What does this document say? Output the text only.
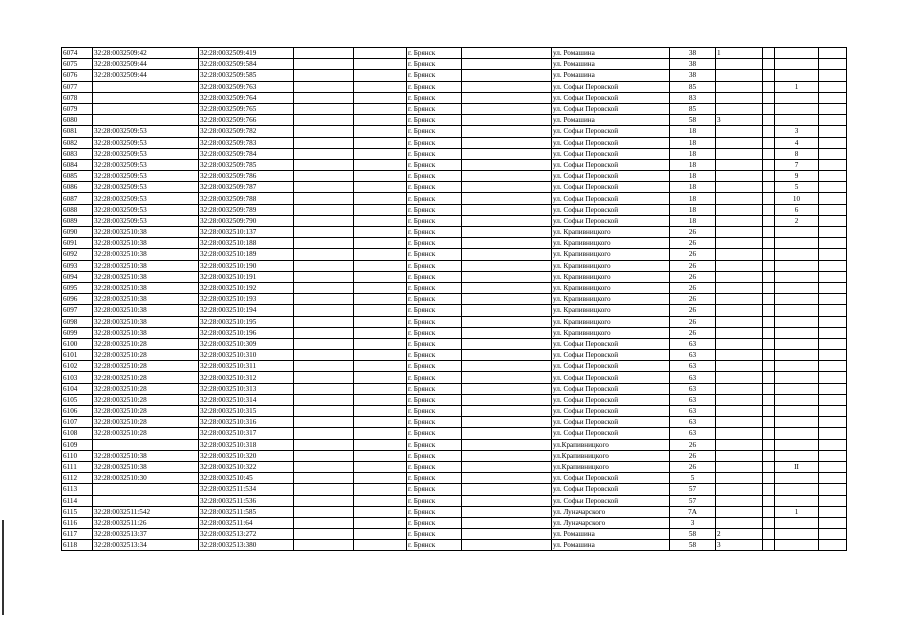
6074	32:28:0032509:42	32:28:0032509:419			г. Брянск		ул. Ромашина	38	1			
6075	32:28:0032509:44	32:28:0032509:584			г. Брянск		ул. Ромашина	38				
6076	32:28:0032509:44	32:28:0032509:585			г. Брянск		ул. Ромашина	38				
6077		32:28:0032509:763			г. Брянск		ул. Софьи Перовской	85			1	
6078		32:28:0032509:764			г. Брянск		ул. Софьи Перовской	83				
6079		32:28:0032509:765			г. Брянск		ул. Софьи Перовской	85				
6080		32:28:0032509:766			г. Брянск		ул. Ромашина	58	3			
6081	32:28:0032509:53	32:28:0032509:782			г. Брянск		ул. Софьи Перовской	18			3	
6082	32:28:0032509:53	32:28:0032509:783			г. Брянск		ул. Софьи Перовской	18			4	
6083	32:28:0032509:53	32:28:0032509:784			г. Брянск		ул. Софьи Перовской	18			8	
6084	32:28:0032509:53	32:28:0032509:785			г. Брянск		ул. Софьи Перовской	18			7	
6085	32:28:0032509:53	32:28:0032509:786			г. Брянск		ул. Софьи Перовской	18			9	
6086	32:28:0032509:53	32:28:0032509:787			г. Брянск		ул. Софьи Перовской	18			5	
6087	32:28:0032509:53	32:28:0032509:788			г. Брянск		ул. Софьи Перовской	18			10	
6088	32:28:0032509:53	32:28:0032509:789			г. Брянск		ул. Софьи Перовской	18			6	
6089	32:28:0032509:53	32:28:0032509:790			г. Брянск		ул. Софьи Перовской	18			2	
6090	32:28:0032510:38	32:28:0032510:137			г. Брянск		ул. Крапивницкого	26				
6091	32:28:0032510:38	32:28:0032510:188			г. Брянск		ул. Крапивницкого	26				
6092	32:28:0032510:38	32:28:0032510:189			г. Брянск		ул. Крапивницкого	26				
6093	32:28:0032510:38	32:28:0032510:190			г. Брянск		ул. Крапивницкого	26				
6094	32:28:0032510:38	32:28:0032510:191			г. Брянск		ул. Крапивницкого	26				
6095	32:28:0032510:38	32:28:0032510:192			г. Брянск		ул. Крапивницкого	26				
6096	32:28:0032510:38	32:28:0032510:193			г. Брянск		ул. Крапивницкого	26				
6097	32:28:0032510:38	32:28:0032510:194			г. Брянск		ул. Крапивницкого	26				
6098	32:28:0032510:38	32:28:0032510:195			г. Брянск		ул. Крапивницкого	26				
6099	32:28:0032510:38	32:28:0032510:196			г. Брянск		ул. Крапивницкого	26				
6100	32:28:0032510:28	32:28:0032510:309			г. Брянск		ул. Софьи Перовской	63				
6101	32:28:0032510:28	32:28:0032510:310			г. Брянск		ул. Софьи Перовской	63				
6102	32:28:0032510:28	32:28:0032510:311			г. Брянск		ул. Софьи Перовской	63				
6103	32:28:0032510:28	32:28:0032510:312			г. Брянск		ул. Софьи Перовской	63				
6104	32:28:0032510:28	32:28:0032510:313			г. Брянск		ул. Софьи Перовской	63				
6105	32:28:0032510:28	32:28:0032510:314			г. Брянск		ул. Софьи Перовской	63				
6106	32:28:0032510:28	32:28:0032510:315			г. Брянск		ул. Софьи Перовской	63				
6107	32:28:0032510:28	32:28:0032510:316			г. Брянск		ул. Софьи Перовской	63				
6108	32:28:0032510:28	32:28:0032510:317			г. Брянск		ул. Софьи Перовской	63				
6109		32:28:0032510:318			г. Брянск		ул.Крапивницкого	26				
6110	32:28:0032510:38	32:28:0032510:320			г. Брянск		ул.Крапивницкого	26				
6111	32:28:0032510:38	32:28:0032510:322			г. Брянск		ул.Крапивницкого	26			II	
6112	32:28:0032510:30	32:28:0032510:45			г. Брянск		ул. Софьи Перовской	5				
6113		32:28:0032511:534			г. Брянск		ул. Софьи Перовской	57				
6114		32:28:0032511:536			г. Брянск		ул. Софьи Перовской	57				
6115	32:28:0032511:542	32:28:0032511:585			г. Брянск		ул. Луначарского	7А			1	
6116	32:28:0032511:26	32:28:0032511:64			г. Брянск		ул. Луначарского	3				
6117	32:28:0032513:37	32:28:0032513:272			г. Брянск		ул. Ромашина	58	2			
6118	32:28:0032513:34	32:28:0032513:380			г. Брянск		ул. Ромашина	58	3			
